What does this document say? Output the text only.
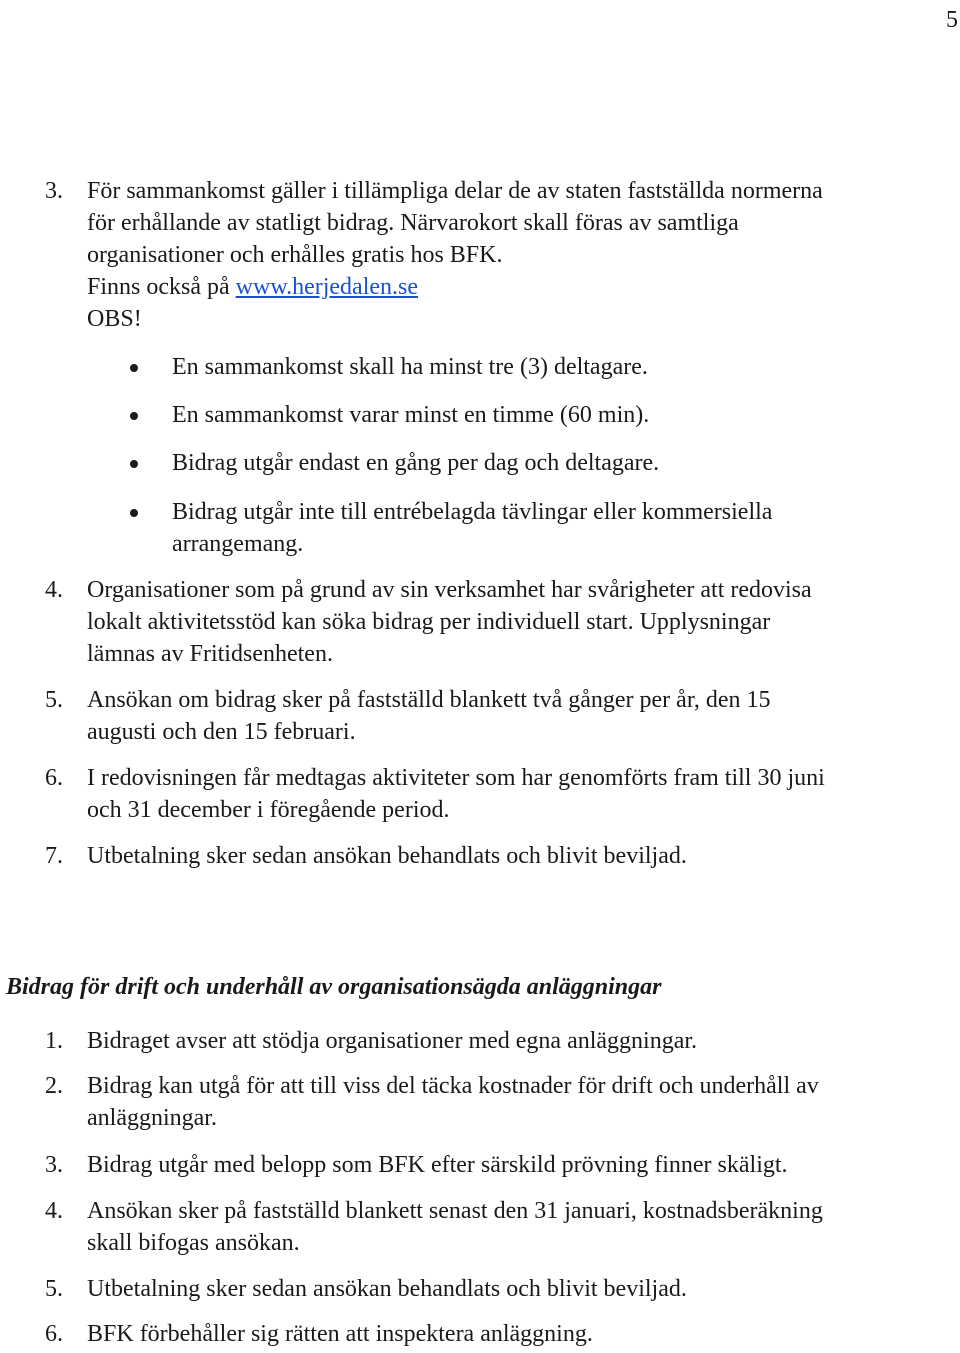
5
3. För sammankomst gäller i tillämpliga delar de av staten fastställda normerna
för erhållande av statligt bidrag. Närvarokort skall föras av samtliga
organisationer och erhålles gratis hos BFK.
Finns också på www.herjedalen.se
OBS!
En sammankomst skall ha minst tre (3) deltagare.
En sammankomst varar minst en timme (60 min).
Bidrag utgår endast en gång per dag och deltagare.
Bidrag utgår inte till entrébelagda tävlingar eller kommersiella
arrangemang.
4. Organisationer som på grund av sin verksamhet har svårigheter att redovisa
lokalt aktivitetsstöd kan söka bidrag per individuell start. Upplysningar
lämnas av Fritidsenheten.
5. Ansökan om bidrag sker på fastställd blankett två gånger per år, den 15
augusti och den 15 februari.
6. I redovisningen får medtagas aktiviteter som har genomförts fram till 30 juni
och 31 december i föregående period.
7. Utbetalning sker sedan ansökan behandlats och blivit beviljad.
Bidrag för drift och underhåll av organisationsägda anläggningar
1. Bidraget avser att stödja organisationer med egna anläggningar.
2. Bidrag kan utgå för att till viss del täcka kostnader för drift och underhåll av
anläggningar.
3. Bidrag utgår med belopp som BFK efter särskild prövning finner skäligt.
4. Ansökan sker på fastställd blankett senast den 31 januari, kostnadsberäkning
skall bifogas ansökan.
5. Utbetalning sker sedan ansökan behandlats och blivit beviljad.
6. BFK förbehåller sig rätten att inspektera anläggning.
